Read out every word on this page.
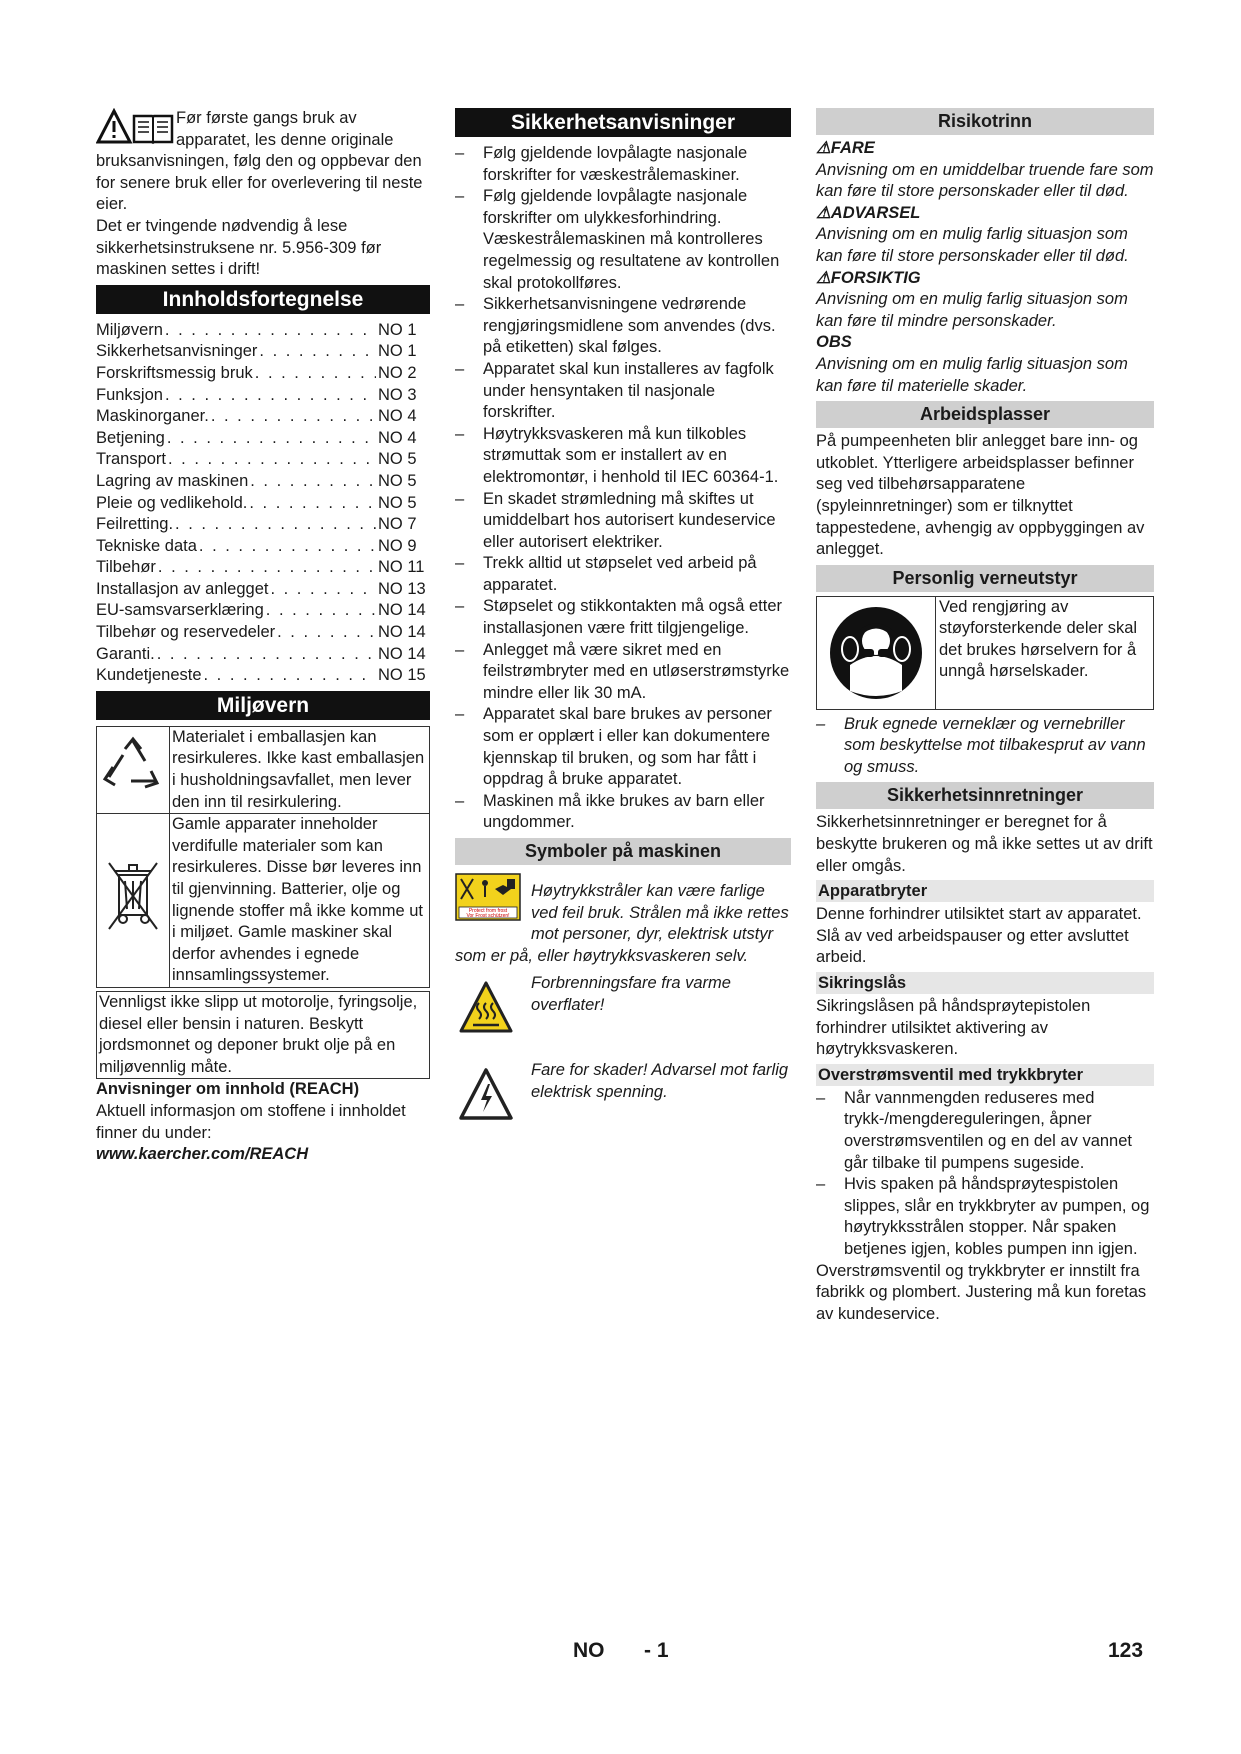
Før første gangs bruk av apparatet, les denne originale bruksanvisningen, følg den og oppbevar den for senere bruk eller for overlevering til neste eier.

Det er tvingende nødvendig å lese sikkerhetsinstruksene nr. 5.956-309 før maskinen settes i drift!

Innholdsfortegnelse
Miljøvern . . .	NO 1
Sikkerhetsanvisninger . . .	NO 1
Forskriftsmessig bruk . . .	NO 2
Funksjon . . .	NO 3
Maskinorganer. . . .	NO 4
Betjening . . .	NO 4
Transport . . .	NO 5
Lagring av maskinen . . .	NO 5
Pleie og vedlikehold. . . .	NO 5
Feilretting. . . .	NO 7
Tekniske data . . .	NO 9
Tilbehør . . .	NO 11
Installasjon av anlegget . . .	NO 13
EU-samsvarserklæring . . .	NO 14
Tilbehør og reservedeler . . .	NO 14
Garanti. . . .	NO 14
Kundetjeneste . . .	NO 15
Miljøvern
	Materialet i emballasjen kan resirkuleres. Ikke kast emballasjen i husholdningsavfallet, men lever den inn til resirkulering.
	Gamle apparater inneholder verdifulle materialer som kan resirkuleres. Disse bør leveres inn til gjenvinning. Batterier, olje og lignende stoffer må ikke komme ut i miljøet. Gamle maskiner skal derfor avhendes i egnede innsamlingssystemer.
Vennligst ikke slipp ut motorolje, fyringsolje, diesel eller bensin i naturen. Beskytt jordsmonnet og deponer brukt olje på en miljøvennlig måte.

Anvisninger om innhold (REACH)

Aktuell informasjon om stoffene i innholdet finner du under:

www.kaercher.com/REACH

Sikkerhetsanvisninger
– Følg gjeldende lovpålagte nasjonale forskrifter for væskestrålemaskiner.
– Følg gjeldende lovpålagte nasjonale forskrifter om ulykkesforhindring. Væskestrålemaskinen må kontrolleres regelmessig og resultatene av kontrollen skal protokollføres.
– Sikkerhetsanvisningene vedrørende rengjøringsmidlene som anvendes (dvs. på etiketten) skal følges.
– Apparatet skal kun installeres av fagfolk under hensyntaken til nasjonale forskrifter.
– Høytrykksvaskeren må kun tilkobles strømuttak som er installert av en elektromontør, i henhold til IEC 60364-1.
– En skadet strømledning må skiftes ut umiddelbart hos autorisert kundeservice eller autorisert elektriker.
– Trekk alltid ut støpselet ved arbeid på apparatet.
– Støpselet og stikkontakten må også etter installasjonen være fritt tilgjengelige.
– Anlegget må være sikret med en feilstrømbryter med en utløserstrømstyrke mindre eller lik 30 mA.
– Apparatet skal bare brukes av personer som er opplært i eller kan dokumentere kjennskap til bruken, og som har fått i oppdrag å bruke apparatet.
– Maskinen må ikke brukes av barn eller ungdommer.
Symboler på maskinen
Protect from frost
Vor Frost schützen!

Høytrykkstråler kan være farlige ved feil bruk. Strålen må ikke rettes mot personer, dyr, elektrisk utstyr som er på, eller høytrykksvaskeren selv.

Forbrenningsfare fra varme overflater!

Fare for skader! Advarsel mot farlig elektrisk spenning.

Risikotrinn

⚠FARE

Anvisning om en umiddelbar truende fare som kan føre til store personskader eller til død.

⚠ADVARSEL

Anvisning om en mulig farlig situasjon som kan føre til store personskader eller til død.

⚠FORSIKTIG

Anvisning om en mulig farlig situasjon som kan føre til mindre personskader.

OBS

Anvisning om en mulig farlig situasjon som kan føre til materielle skader.

Arbeidsplasser

På pumpeenheten blir anlegget bare inn- og utkoblet. Ytterligere arbeidsplasser befinner seg ved tilbehørsapparatene (spyleinnretninger) som er tilknyttet tappestedene, avhengig av oppbyggingen av anlegget.

Personlig verneutstyr
Ved rengjøring av støyforsterkende deler skal det brukes hørselvern for å unngå hørselskader.
– Bruk egnede verneklær og vernebriller som beskyttelse mot tilbakesprut av vann og smuss.
Sikkerhetsinnretninger

Sikkerhetsinnretninger er beregnet for å beskytte brukeren og må ikke settes ut av drift eller omgås.

Apparatbryter

Denne forhindrer utilsiktet start av apparatet. Slå av ved arbeidspauser og etter avsluttet arbeid.

Sikringslås

Sikringslåsen på håndsprøytepistolen forhindrer utilsiktet aktivering av høytrykksvaskeren.

Overstrømsventil med trykkbryter
– Når vannmengden reduseres med trykk-/mengdereguleringen, åpner overstrømsventilen og en del av vannet går tilbake til pumpens sugeside.
– Hvis spaken på håndsprøytespistolen slippes, slår en trykkbryter av pumpen, og høytrykksstrålen stopper. Når spaken betjenes igjen, kobles pumpen inn igjen.

Overstrømsventil og trykkbryter er innstilt fra fabrikk og plombert. Justering må kun foretas av kundeservice.

NO - 1	123
